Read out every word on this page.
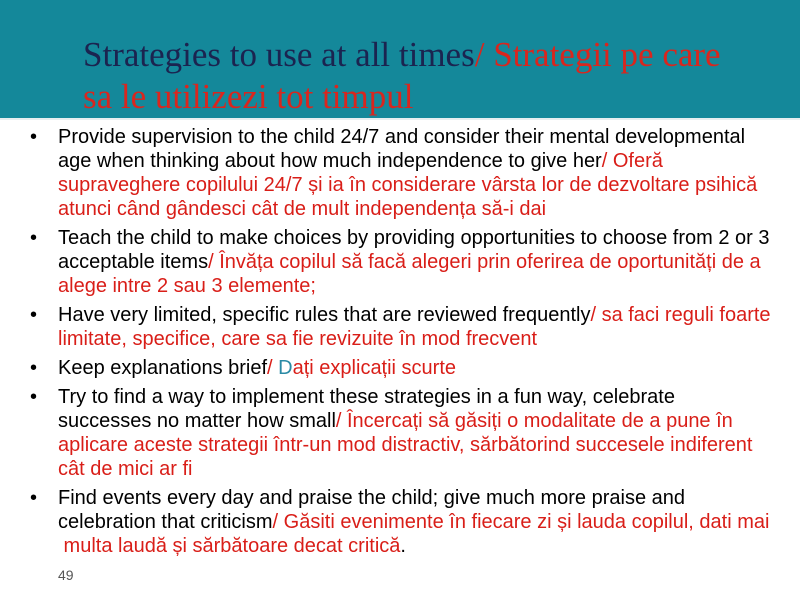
Strategies to use at all times/ Strategii pe care
sa le utilizezi tot timpul
• Provide supervision to the child 24/7 and consider their mental developmental
age when thinking about how much independence to give her/ Oferă
supraveghere copilului 24/7 și ia în considerare vârsta lor de dezvoltare psihică
atunci când gândesci cât de mult independența să-i dai
• Teach the child to make choices by providing opportunities to choose from 2 or 3
acceptable items/ Învăța copilul să facă alegeri prin oferirea de oportunități de a
alege intre 2 sau 3 elemente;
• Have very limited, specific rules that are reviewed frequently/ sa faci reguli foarte
limitate, specifice, care sa fie revizuite în mod frecvent
• Keep explanations brief/ Dați explicații scurte
• Try to find a way to implement these strategies in a fun way, celebrate
successes no matter how small/ Încercați să găsiți o modalitate de a pune în
aplicare aceste strategii într-un mod distractiv, sărbătorind succesele indiferent
cât de mici ar fi
• Find events every day and praise the child; give much more praise and
celebration that criticism/ Găsiti evenimente în fiecare zi și lauda copilul, dati mai
multa laudă și sărbătoare decat critică.
49
